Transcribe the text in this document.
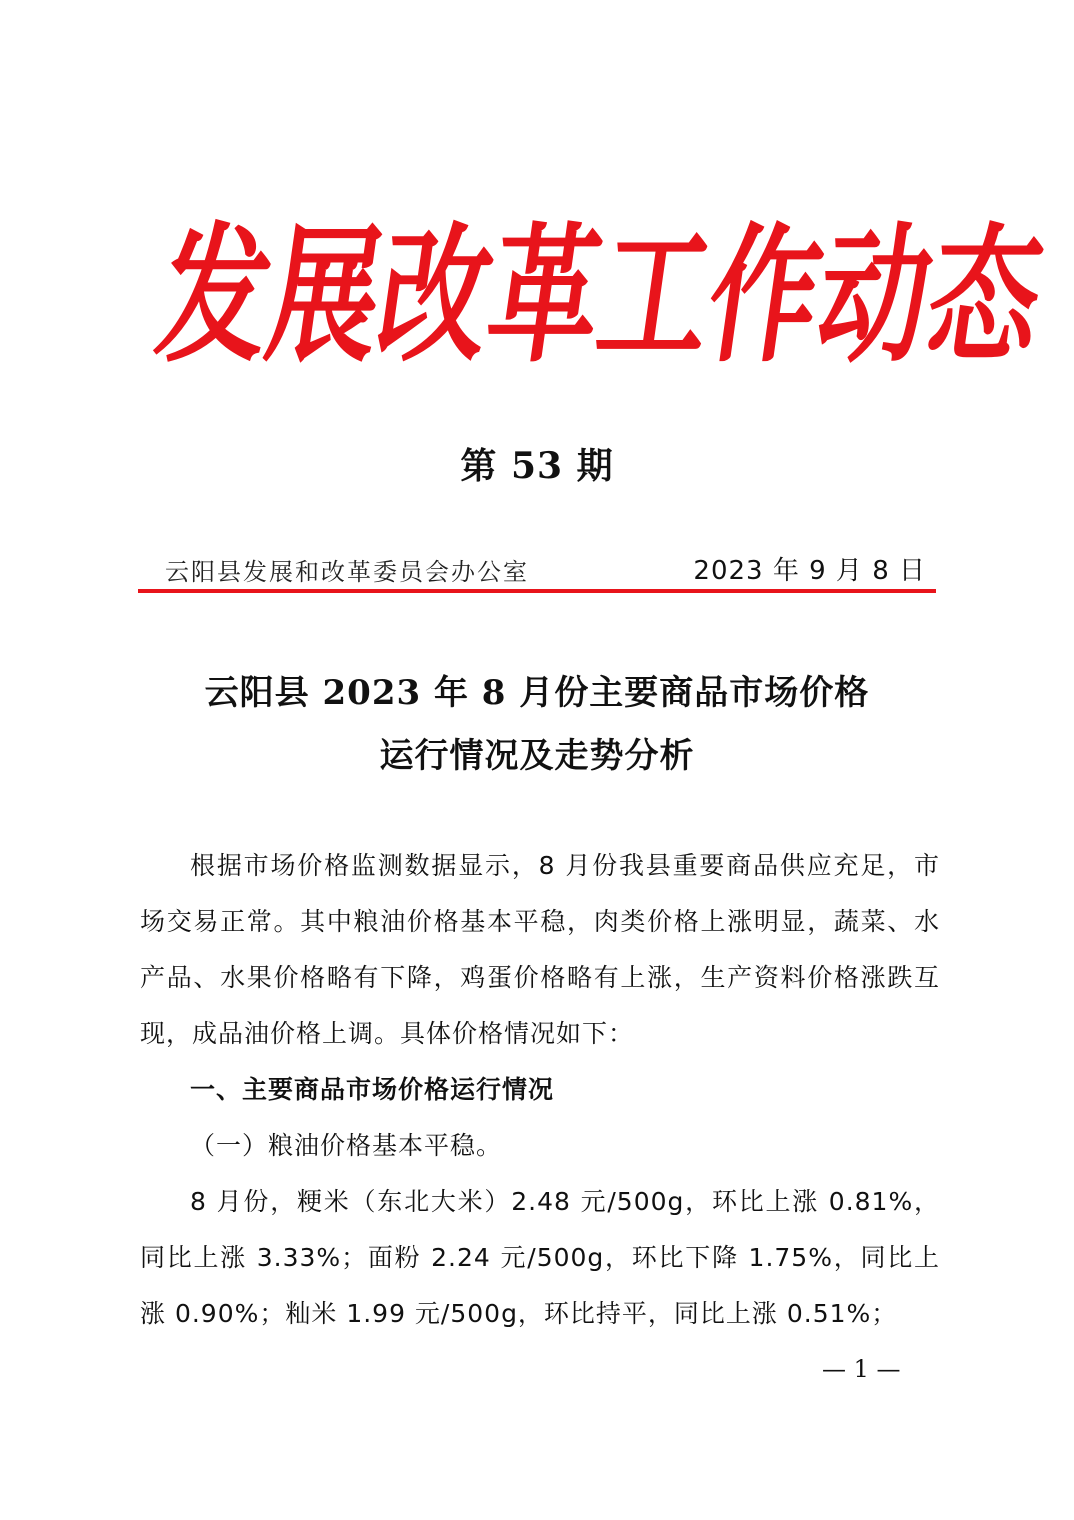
发
展
改
革
工
作
动
态
第 53 期
云阳县发展和改革委员会办公室	2023 年 9 月 8 日
云阳县 2023 年 8 月份主要商品市场价格
运行情况及走势分析

根据市场价格监测数据显示，8 月份我县重要商品供应充足，市场交易正常。其中粮油价格基本平稳，肉类价格上涨明显，蔬菜、水产品、水果价格略有下降，鸡蛋价格略有上涨，生产资料价格涨跌互现，成品油价格上调。具体价格情况如下：

一、主要商品市场价格运行情况

（一）粮油价格基本平稳。

8 月份，粳米（东北大米）2.48 元/500g，环比上涨 0.81%，同比上涨 3.33%；面粉 2.24 元/500g，环比下降 1.75%，同比上涨 0.90%；籼米 1.99 元/500g，环比持平，同比上涨 0.51%；

— 1 —
